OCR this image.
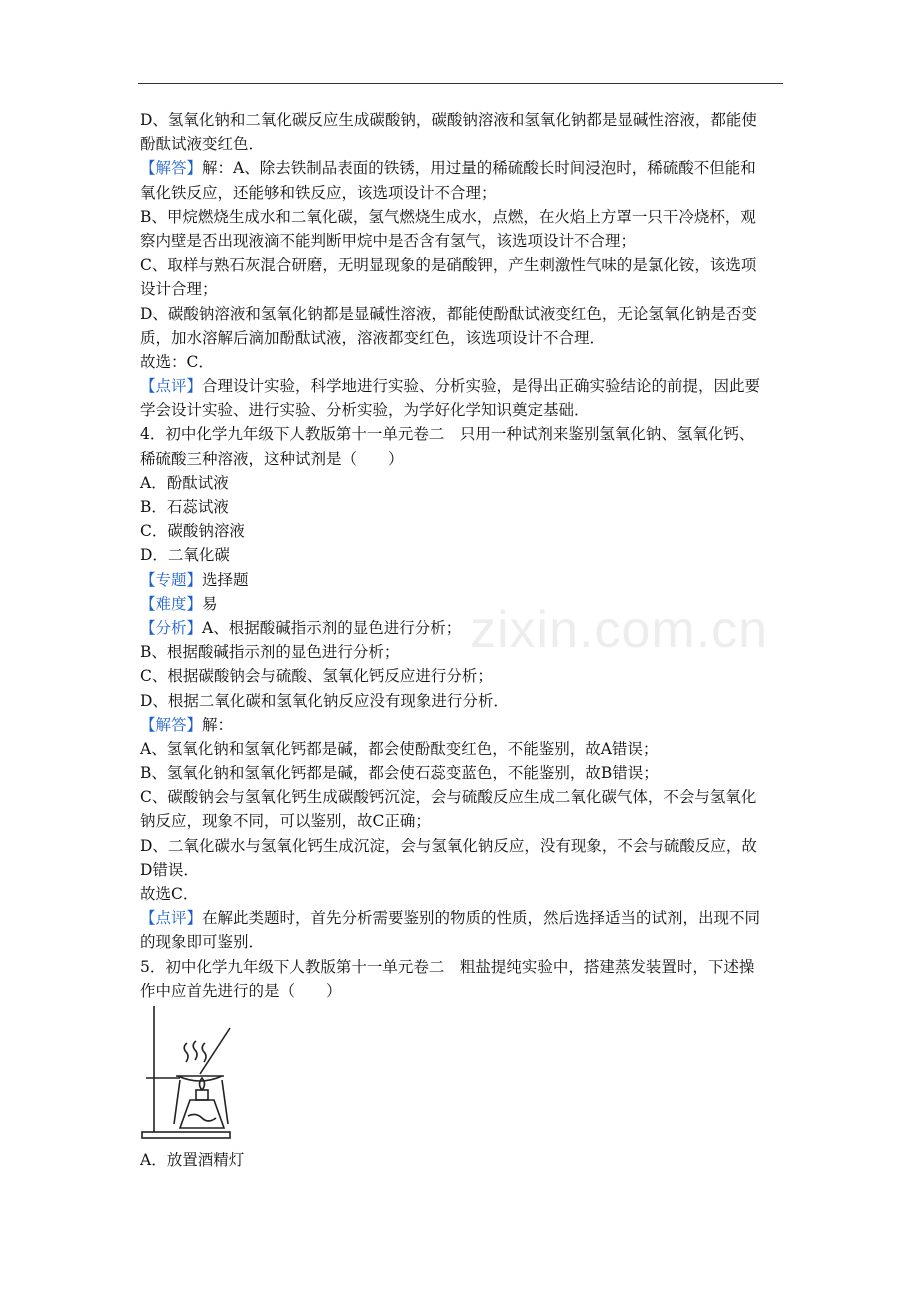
zixin.com.cn
D、氢氧化钠和二氧化碳反应生成碳酸钠，碳酸钠溶液和氢氧化钠都是显碱性溶液，都能使
酚酞试液变红色．
【解答】解：A、除去铁制品表面的铁锈，用过量的稀硫酸长时间浸泡时，稀硫酸不但能和
氧化铁反应，还能够和铁反应，该选项设计不合理；
B、甲烷燃烧生成水和二氧化碳，氢气燃烧生成水，点燃，在火焰上方罩一只干冷烧杯，观
察内壁是否出现液滴不能判断甲烷中是否含有氢气，该选项设计不合理；
C、取样与熟石灰混合研磨，无明显现象的是硝酸钾，产生刺激性气味的是氯化铵，该选项
设计合理；
D、碳酸钠溶液和氢氧化钠都是显碱性溶液，都能使酚酞试液变红色，无论氢氧化钠是否变
质，加水溶解后滴加酚酞试液，溶液都变红色，该选项设计不合理．
故选：C．
【点评】合理设计实验，科学地进行实验、分析实验，是得出正确实验结论的前提，因此要
学会设计实验、进行实验、分析实验，为学好化学知识奠定基础．
4．初中化学九年级下人教版第十一单元卷二　只用一种试剂来鉴别氢氧化钠、氢氧化钙、
稀硫酸三种溶液，这种试剂是（　　）
A．酚酞试液
B．石蕊试液
C．碳酸钠溶液
D．二氧化碳
【专题】选择题
【难度】易
【分析】A、根据酸碱指示剂的显色进行分析；
B、根据酸碱指示剂的显色进行分析；
C、根据碳酸钠会与硫酸、氢氧化钙反应进行分析；
D、根据二氧化碳和氢氧化钠反应没有现象进行分析．
【解答】解：
A、氢氧化钠和氢氧化钙都是碱，都会使酚酞变红色，不能鉴别，故A错误；
B、氢氧化钠和氢氧化钙都是碱，都会使石蕊变蓝色，不能鉴别，故B错误；
C、碳酸钠会与氢氧化钙生成碳酸钙沉淀，会与硫酸反应生成二氧化碳气体，不会与氢氧化
钠反应，现象不同，可以鉴别，故C正确；
D、二氧化碳水与氢氧化钙生成沉淀，会与氢氧化钠反应，没有现象，不会与硫酸反应，故
D错误．
故选C．
【点评】在解此类题时，首先分析需要鉴别的物质的性质，然后选择适当的试剂，出现不同
的现象即可鉴别．
5．初中化学九年级下人教版第十一单元卷二　粗盐提纯实验中，搭建蒸发装置时，下述操
作中应首先进行的是（　　）
A．放置酒精灯
